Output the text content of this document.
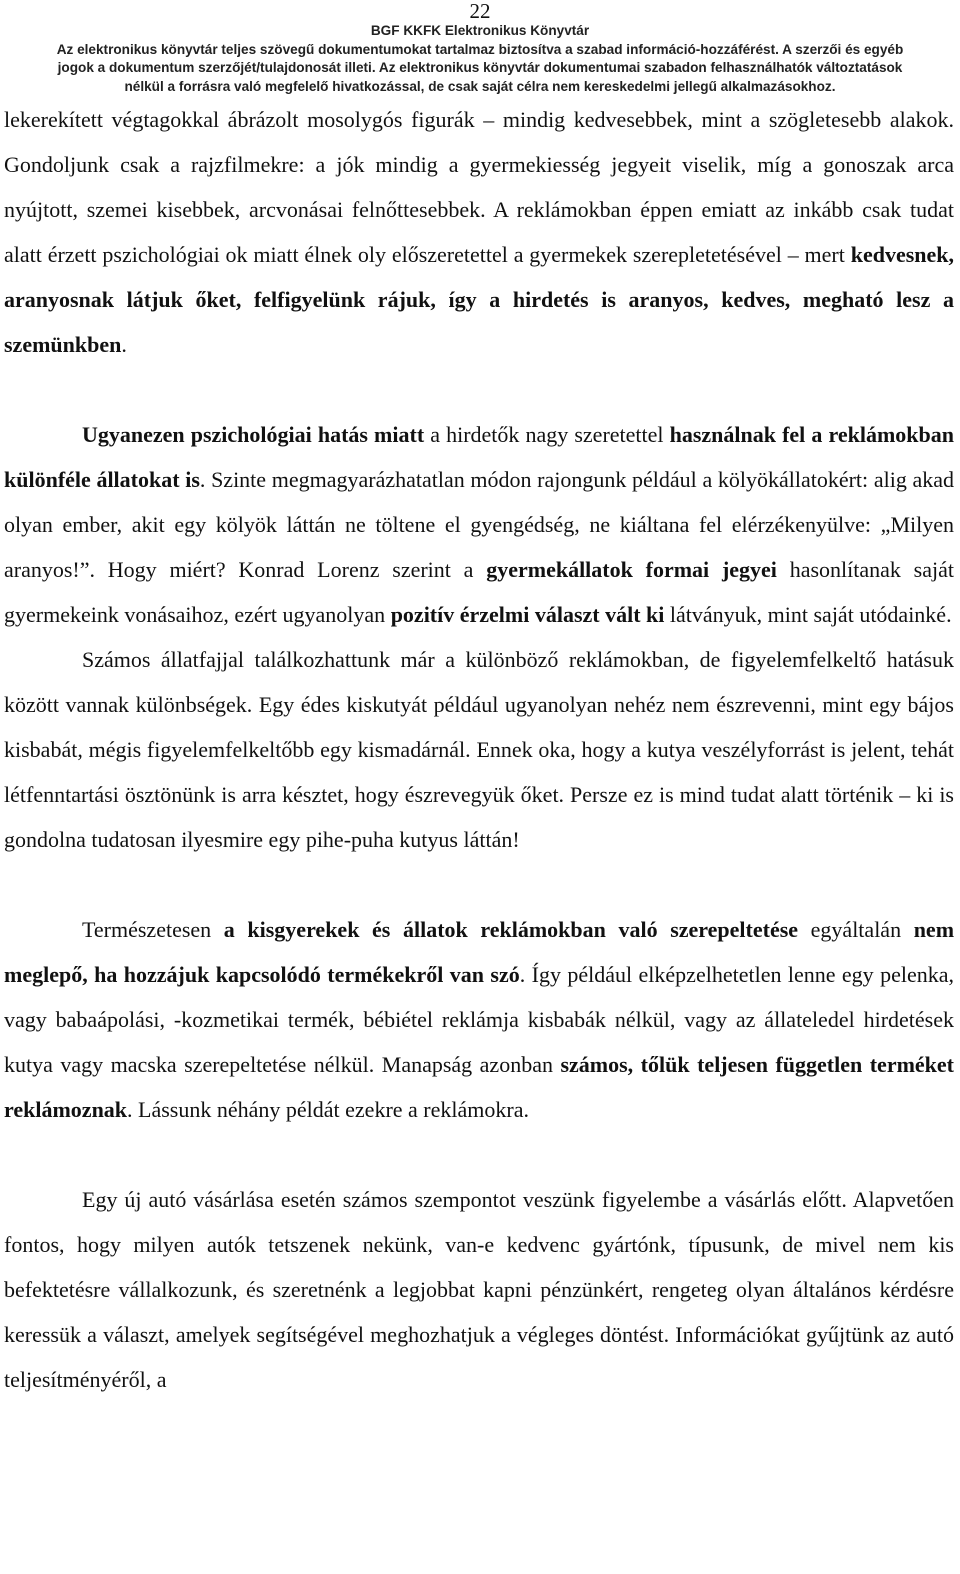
22
BGF KKFK Elektronikus Könyvtár
Az elektronikus könyvtár teljes szövegű dokumentumokat tartalmaz biztosítva a szabad információ-hozzáférést. A szerzői és egyéb
jogok a dokumentum szerzőjét/tulajdonosát illeti. Az elektronikus könyvtár dokumentumai szabadon felhasználhatók változtatások
nélkül a forrásra való megfelelő hivatkozással, de csak saját célra nem kereskedelmi jellegű alkalmazásokhoz.

lekerekített végtagokkal ábrázolt mosolygós figurák – mindig kedvesebbek, mint a szögletesebb alakok. Gondoljunk csak a rajzfilmekre: a jók mindig a gyermekiesség jegyeit viselik, míg a gonoszak arca nyújtott, szemei kisebbek, arcvonásai felnőttesebbek. A reklámokban éppen emiatt az inkább csak tudat alatt érzett pszichológiai ok miatt élnek oly előszeretettel a gyermekek szerepletetésével – mert kedvesnek, aranyosnak látjuk őket, felfigyelünk rájuk, így a hirdetés is aranyos, kedves, megható lesz a szemünkben.

Ugyanezen pszichológiai hatás miatt a hirdetők nagy szeretettel használnak fel a reklámokban különféle állatokat is. Szinte megmagyarázhatatlan módon rajongunk például a kölyökállatokért: alig akad olyan ember, akit egy kölyök láttán ne töltene el gyengédség, ne kiáltana fel elérzékenyülve: „Milyen aranyos!”. Hogy miért? Konrad Lorenz szerint a gyermekállatok formai jegyei hasonlítanak saját gyermekeink vonásaihoz, ezért ugyanolyan pozitív érzelmi választ vált ki látványuk, mint saját utódainké.

Számos állatfajjal találkozhattunk már a különböző reklámokban, de figyelemfelkeltő hatásuk között vannak különbségek. Egy édes kiskutyát például ugyanolyan nehéz nem észrevenni, mint egy bájos kisbabát, mégis figyelemfelkeltőbb egy kismadárnál. Ennek oka, hogy a kutya veszélyforrást is jelent, tehát létfenntartási ösztönünk is arra késztet, hogy észrevegyük őket. Persze ez is mind tudat alatt történik – ki is gondolna tudatosan ilyesmire egy pihe-puha kutyus láttán!

Természetesen a kisgyerekek és állatok reklámokban való szerepeltetése egyáltalán nem meglepő, ha hozzájuk kapcsolódó termékekről van szó. Így például elképzelhetetlen lenne egy pelenka, vagy babaápolási, -kozmetikai termék, bébiétel reklámja kisbabák nélkül, vagy az állateledel hirdetések kutya vagy macska szerepeltetése nélkül. Manapság azonban számos, tőlük teljesen független terméket reklámoznak. Lássunk néhány példát ezekre a reklámokra.

Egy új autó vásárlása esetén számos szempontot veszünk figyelembe a vásárlás előtt. Alapvetően fontos, hogy milyen autók tetszenek nekünk, van-e kedvenc gyártónk, típusunk, de mivel nem kis befektetésre vállalkozunk, és szeretnénk a legjobbat kapni pénzünkért, rengeteg olyan általános kérdésre keressük a választ, amelyek segítségével meghozhatjuk a végleges döntést. Információkat gyűjtünk az autó teljesítményéről, a
